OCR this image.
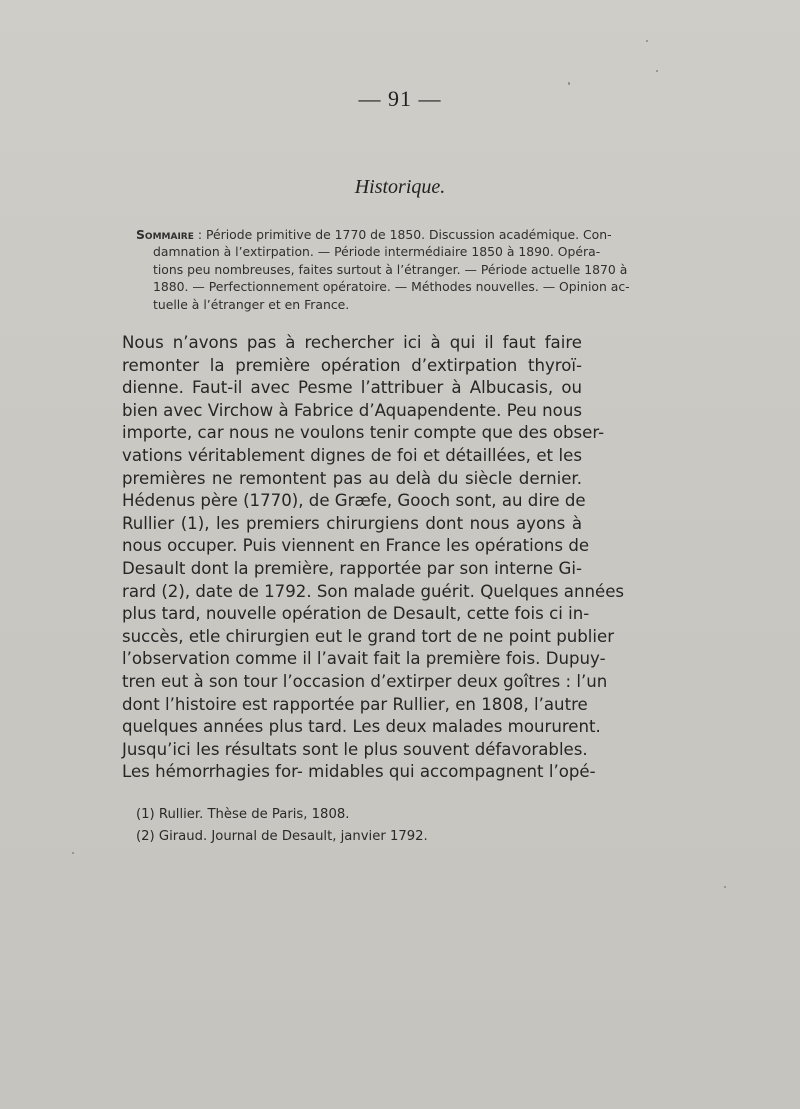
— 91 —
Historique.
Sommaire : Période primitive de 1770 de 1850. Discussion académique. Con-
damnation à l’extirpation. — Période intermédiaire 1850 à 1890. Opéra-
tions peu nombreuses, faites surtout à l’étranger. — Période actuelle 1870 à
1880. — Perfectionnement opératoire. — Méthodes nouvelles. — Opinion ac-
tuelle à l’étranger et en France.
Nous n’avons pas à rechercher ici à qui il faut faire
remonter la première opération d’extirpation thyroï-
dienne. Faut-il avec Pesme l’attribuer à Albucasis, ou
bien avec Virchow à Fabrice d’Aquapendente. Peu nous
importe, car nous ne voulons tenir compte que des obser-
vations véritablement dignes de foi et détaillées, et les
premières ne remontent pas au delà du siècle dernier.
Hédenus père (1770), de Græfe, Gooch sont, au dire de
Rullier (1), les premiers chirurgiens dont nous ayons à
nous occuper. Puis viennent en France les opérations de
Desault dont la première, rapportée par son interne Gi-
rard (2), date de 1792. Son malade guérit. Quelques années
plus tard, nouvelle opération de Desault, cette fois ci in-
succès, etle chirurgien eut le grand tort de ne point publier
l’observation comme il l’avait fait la première fois. Dupuy-
tren eut à son tour l’occasion d’extirper deux goîtres : l’un
dont l’histoire est rapportée par Rullier, en 1808, l’autre
quelques années plus tard. Les deux malades moururent.
Jusqu’ici les résultats sont le plus souvent défavorables.
Les hémorrhagies for- midables qui accompagnent l’opé-
(1) Rullier. Thèse de Paris, 1808.
(2) Giraud. Journal de Desault, janvier 1792.
